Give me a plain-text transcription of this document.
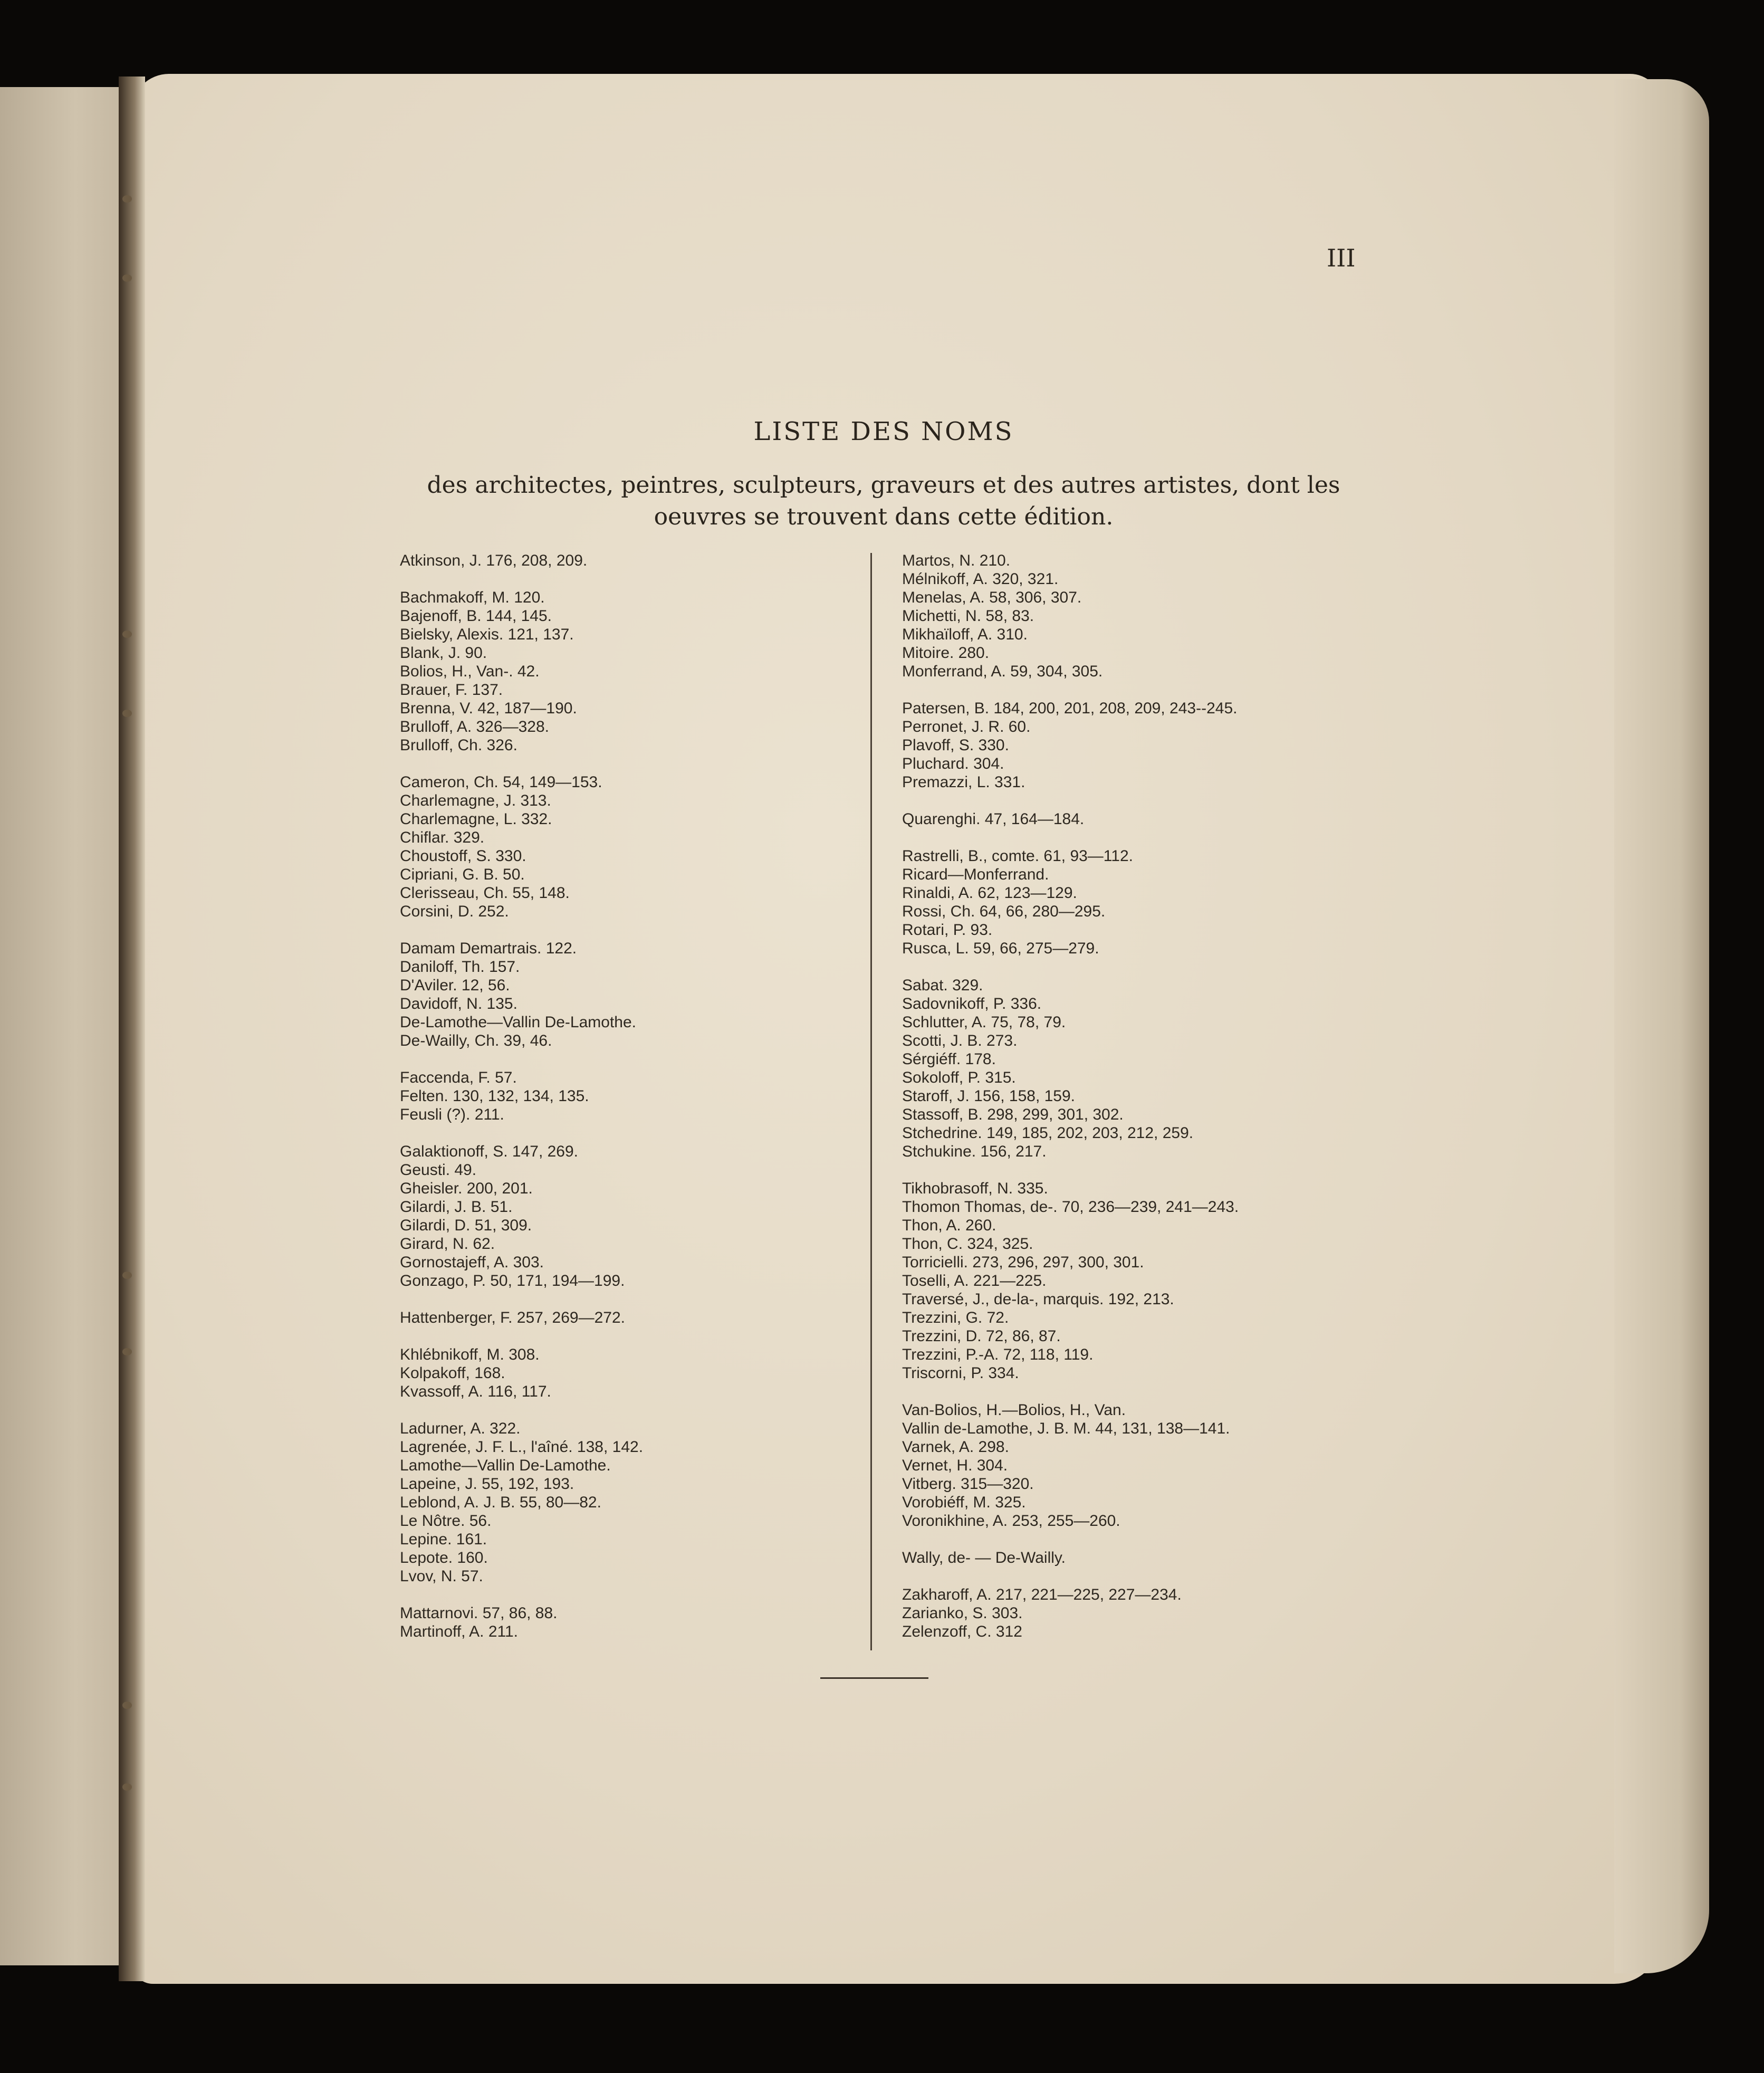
III
LISTE DES NOMS
des architectes, peintres, sculpteurs, graveurs et des autres artistes, dont les
oeuvres se trouvent dans cette édition.
Atkinson, J. 176, 208, 209.
Bachmakoff, M. 120.
Bajenoff, B. 144, 145.
Bielsky, Alexis. 121, 137.
Blank, J. 90.
Bolios, H., Van-. 42.
Brauer, F. 137.
Brenna, V. 42, 187—190.
Brulloff, A. 326—328.
Brulloff, Ch. 326.
Cameron, Ch. 54, 149—153.
Charlemagne, J. 313.
Charlemagne, L. 332.
Chiflar. 329.
Choustoff, S. 330.
Cipriani, G. B. 50.
Clerisseau, Ch. 55, 148.
Corsini, D. 252.
Damam Demartrais. 122.
Daniloff, Th. 157.
D'Aviler. 12, 56.
Davidoff, N. 135.
De-Lamothe—Vallin De-Lamothe.
De-Wailly, Ch. 39, 46.
Faccenda, F. 57.
Felten. 130, 132, 134, 135.
Feusli (?). 211.
Galaktionoff, S. 147, 269.
Geusti. 49.
Gheisler. 200, 201.
Gilardi, J. B. 51.
Gilardi, D. 51, 309.
Girard, N. 62.
Gornostajeff, A. 303.
Gonzago, P. 50, 171, 194—199.
Hattenberger, F. 257, 269—272.
Khlébnikoff, M. 308.
Kolpakoff, 168.
Kvassoff, A. 116, 117.
Ladurner, A. 322.
Lagrenée, J. F. L., l'aîné. 138, 142.
Lamothe—Vallin De-Lamothe.
Lapeine, J. 55, 192, 193.
Leblond, A. J. B. 55, 80—82.
Le Nôtre. 56.
Lepine. 161.
Lepote. 160.
Lvov, N. 57.
Mattarnovi. 57, 86, 88.
Martinoff, A. 211.
Martos, N. 210.
Mélnikoff, A. 320, 321.
Menelas, A. 58, 306, 307.
Michetti, N. 58, 83.
Mikhaïloff, A. 310.
Mitoire. 280.
Monferrand, A. 59, 304, 305.
Patersen, B. 184, 200, 201, 208, 209, 243--245.
Perronet, J. R. 60.
Plavoff, S. 330.
Pluchard. 304.
Premazzi, L. 331.
Quarenghi. 47, 164—184.
Rastrelli, B., comte. 61, 93—112.
Ricard—Monferrand.
Rinaldi, A. 62, 123—129.
Rossi, Ch. 64, 66, 280—295.
Rotari, P. 93.
Rusca, L. 59, 66, 275—279.
Sabat. 329.
Sadovnikoff, P. 336.
Schlutter, A. 75, 78, 79.
Scotti, J. B. 273.
Sérgiéff. 178.
Sokoloff, P. 315.
Staroff, J. 156, 158, 159.
Stassoff, B. 298, 299, 301, 302.
Stchedrine. 149, 185, 202, 203, 212, 259.
Stchukine. 156, 217.
Tikhobrasoff, N. 335.
Thomon Thomas, de-. 70, 236—239, 241—243.
Thon, A. 260.
Thon, C. 324, 325.
Torricielli. 273, 296, 297, 300, 301.
Toselli, A. 221—225.
Traversé, J., de-la-, marquis. 192, 213.
Trezzini, G. 72.
Trezzini, D. 72, 86, 87.
Trezzini, P.-A. 72, 118, 119.
Triscorni, P. 334.
Van-Bolios, H.—Bolios, H., Van.
Vallin de-Lamothe, J. B. M. 44, 131, 138—141.
Varnek, A. 298.
Vernet, H. 304.
Vitberg. 315—320.
Vorobiéff, M. 325.
Voronikhine, A. 253, 255—260.
Wally, de- — De-Wailly.
Zakharoff, A. 217, 221—225, 227—234.
Zarianko, S. 303.
Zelenzoff, C. 312
